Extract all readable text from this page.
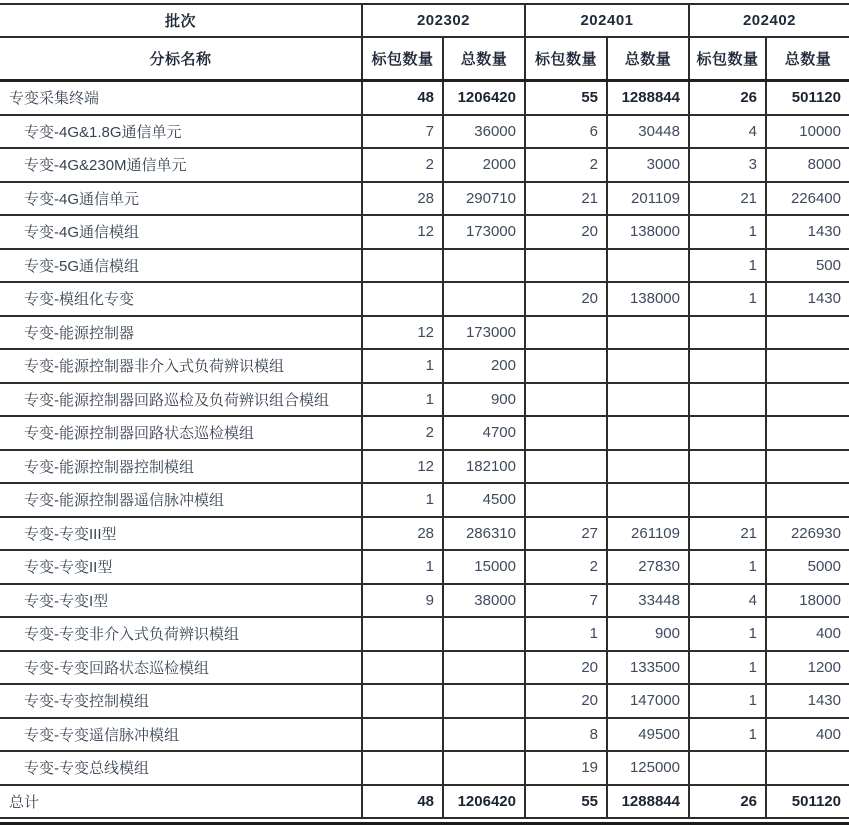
批次	202302		202401		202402	
分标名称	标包数量	总数量	标包数量	总数量	标包数量	总数量
专变采集终端	48	1206420	55	1288844	26	501120
专变-4G&1.8G通信单元	7	36000	6	30448	4	10000
专变-4G&230M通信单元	2	2000	2	3000	3	8000
专变-4G通信单元	28	290710	21	201109	21	226400
专变-4G通信模组	12	173000	20	138000	1	1430
专变-5G通信模组					1	500
专变-模组化专变			20	138000	1	1430
专变-能源控制器	12	173000				
专变-能源控制器非介入式负荷辨识模组	1	200				
专变-能源控制器回路巡检及负荷辨识组合模组	1	900				
专变-能源控制器回路状态巡检模组	2	4700				
专变-能源控制器控制模组	12	182100				
专变-能源控制器遥信脉冲模组	1	4500				
专变-专变III型	28	286310	27	261109	21	226930
专变-专变II型	1	15000	2	27830	1	5000
专变-专变I型	9	38000	7	33448	4	18000
专变-专变非介入式负荷辨识模组			1	900	1	400
专变-专变回路状态巡检模组			20	133500	1	1200
专变-专变控制模组			20	147000	1	1430
专变-专变遥信脉冲模组			8	49500	1	400
专变-专变总线模组			19	125000		
总计	48	1206420	55	1288844	26	501120
